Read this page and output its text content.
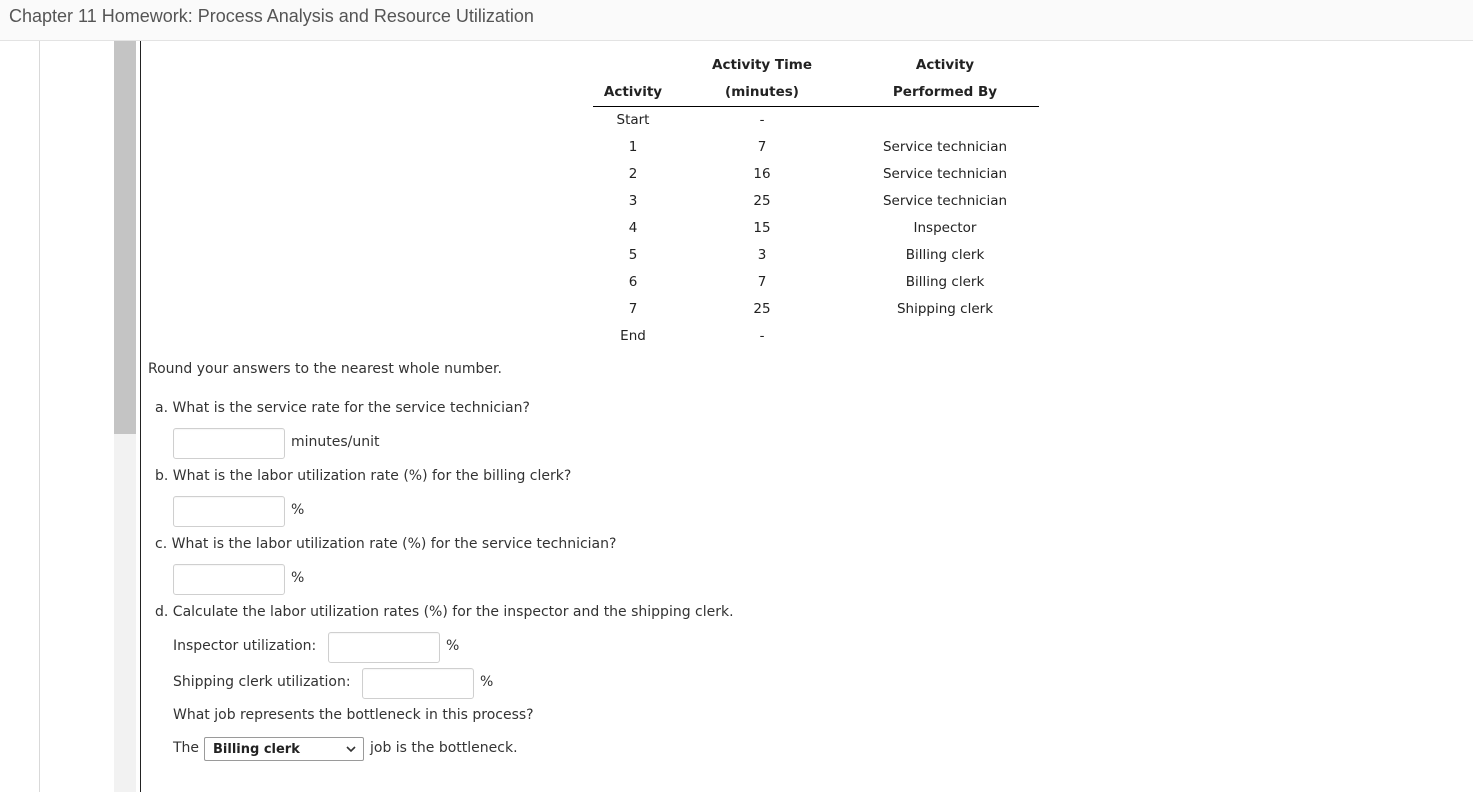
Chapter 11 Homework: Process Analysis and Resource Utilization
	Activity Time	Activity
Activity	(minutes)	Performed By
Start	-	
1	7	Service technician
2	16	Service technician
3	25	Service technician
4	15	Inspector
5	3	Billing clerk
6	7	Billing clerk
7	25	Shipping clerk
End	-	
Round your answers to the nearest whole number.
a. What is the service rate for the service technician?
minutes/unit
b. What is the labor utilization rate (%) for the billing clerk?
%
c. What is the labor utilization rate (%) for the service technician?
%
d. Calculate the labor utilization rates (%) for the inspector and the shipping clerk.
Inspector utilization:	%
Shipping clerk utilization:	%
What job represents the bottleneck in this process?
The Billing clerk	job is the bottleneck.
